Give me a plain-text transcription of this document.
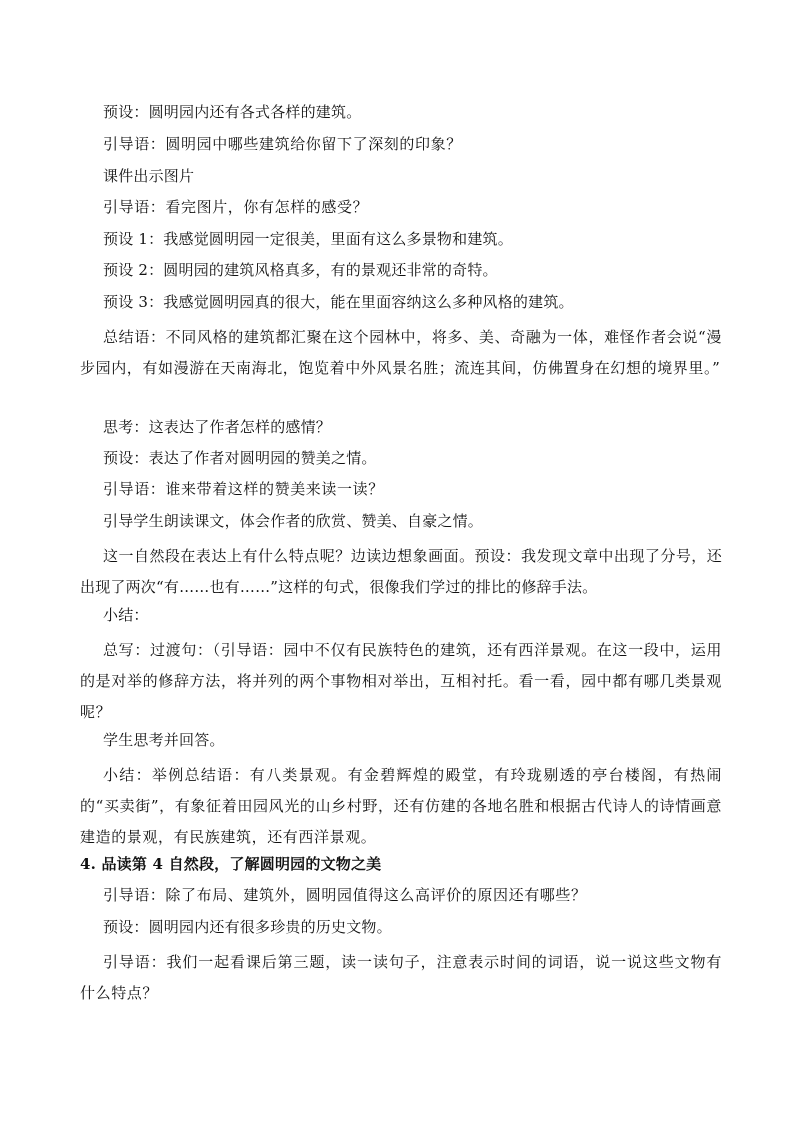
预设：圆明园内还有各式各样的建筑。
引导语：圆明园中哪些建筑给你留下了深刻的印象？
课件出示图片
引导语：看完图片，你有怎样的感受？
预设 1：我感觉圆明园一定很美，里面有这么多景物和建筑。
预设 2：圆明园的建筑风格真多，有的景观还非常的奇特。
预设 3：我感觉圆明园真的很大，能在里面容纳这么多种风格的建筑。
总结语：不同风格的建筑都汇聚在这个园林中，将多、美、奇融为一体，难怪作者会说“漫步园内，有如漫游在天南海北，饱览着中外风景名胜；流连其间，仿佛置身在幻想的境界里。”
思考：这表达了作者怎样的感情？
预设：表达了作者对圆明园的赞美之情。
引导语：谁来带着这样的赞美来读一读？
引导学生朗读课文，体会作者的欣赏、赞美、自豪之情。
这一自然段在表达上有什么特点呢？边读边想象画面。预设：我发现文章中出现了分号，还出现了两次“有……也有……”这样的句式，很像我们学过的排比的修辞手法。
小结：
总写：过渡句：（引导语：园中不仅有民族特色的建筑，还有西洋景观。在这一段中，运用的是对举的修辞方法，将并列的两个事物相对举出，互相衬托。看一看，园中都有哪几类景观呢？
学生思考并回答。
小结：举例总结语：有八类景观。有金碧辉煌的殿堂，有玲珑剔透的亭台楼阁，有热闹的“买卖街”，有象征着田园风光的山乡村野，还有仿建的各地名胜和根据古代诗人的诗情画意建造的景观，有民族建筑，还有西洋景观。
4. 品读第 4 自然段，了解圆明园的文物之美
引导语：除了布局、建筑外，圆明园值得这么高评价的原因还有哪些？
预设：圆明园内还有很多珍贵的历史文物。
引导语：我们一起看课后第三题，读一读句子，注意表示时间的词语，说一说这些文物有什么特点？
